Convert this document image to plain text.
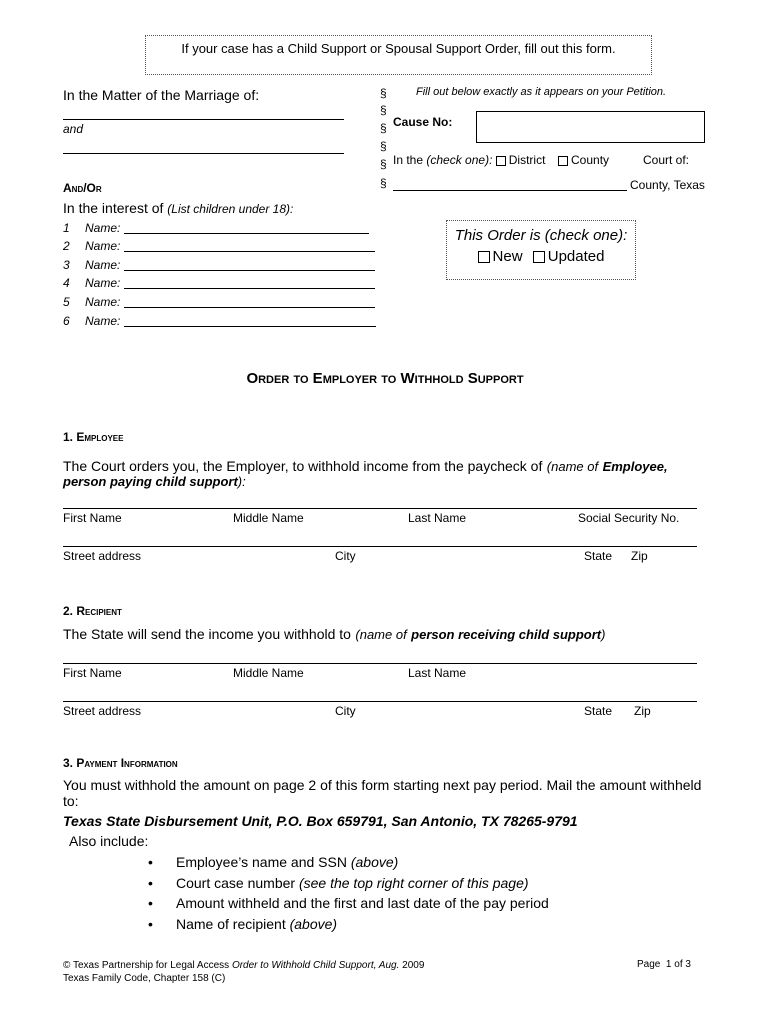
If your case has a Child Support or Spousal Support Order, fill out this form.
In the Matter of the Marriage of:
and
And/Or
In the interest of (List children under 18):
1 Name:
2 Name:
3 Name:
4 Name:
5 Name:
6 Name:
§
§
§
§
§
§
Fill out below exactly as it appears on your Petition.
Cause No:
In the (check one): District	County	Court of:
County, Texas
This Order is (check one):
New Updated
Order to Employer to Withhold Support
1. Employee
The Court orders you, the Employer, to withhold income from the paycheck of (name of Employee, person paying child support):
First Name	Middle Name	Last Name	Social Security No.
Street address	City	State Zip
2. Recipient
The State will send the income you withhold to (name of person receiving child support)
First Name	Middle Name	Last Name
Street address	City	State Zip
3. Payment Information
You must withhold the amount on page 2 of this form starting next pay period. Mail the amount withheld to:
Texas State Disbursement Unit, P.O. Box 659791, San Antonio, TX 78265-9791
Also include:
• Employee’s name and SSN (above)
• Court case number (see the top right corner of this page)
• Amount withheld and the first and last date of the pay period
• Name of recipient (above)
© Texas Partnership for Legal Access Order to Withhold Child Support, Aug. 2009
Texas Family Code, Chapter 158 (C)
Page  1 of 3
